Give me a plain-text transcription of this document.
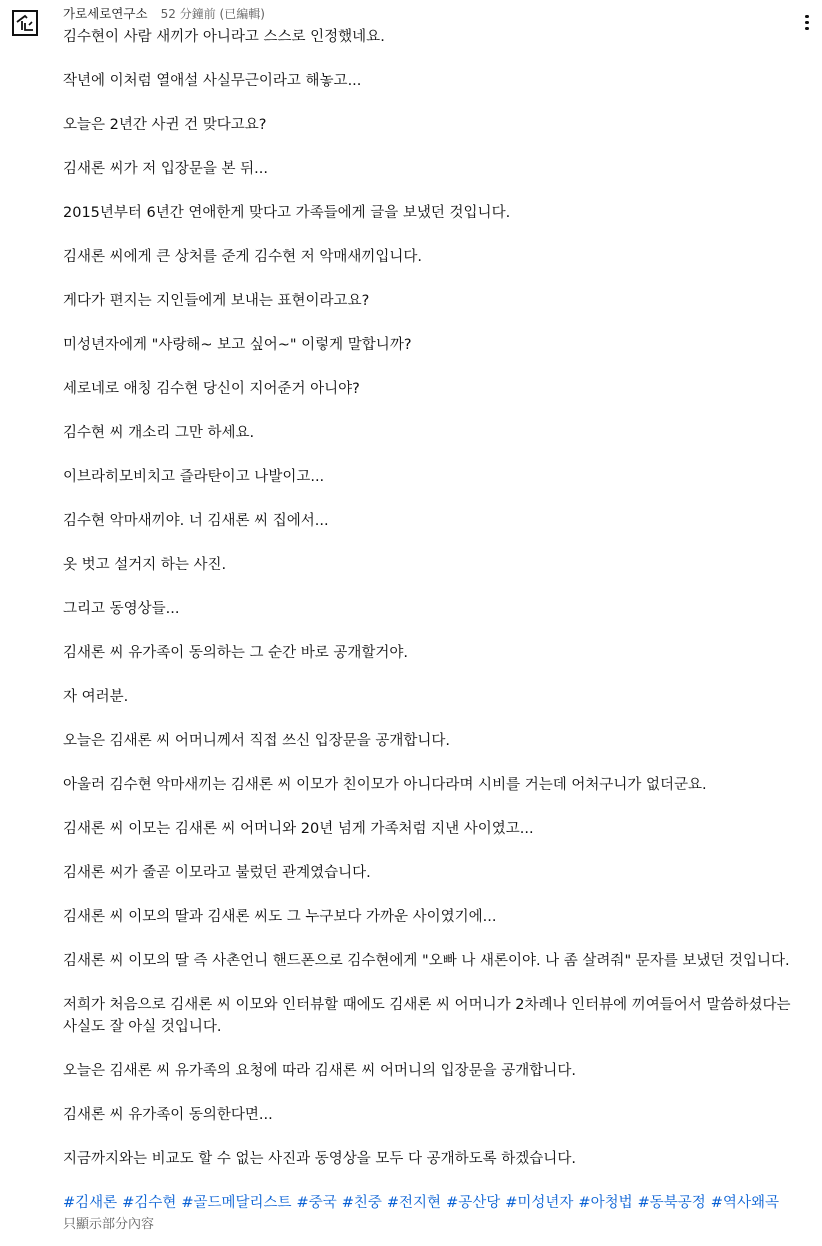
가로세로연구소 52 分鐘前 (已編輯)

김수현이 사람 새끼가 아니라고 스스로 인정했네요.

작년에 이처럼 열애설 사실무근이라고 해놓고...

오늘은 2년간 사귄 건 맞다고요?

김새론 씨가 저 입장문을 본 뒤...

2015년부터 6년간 연애한게 맞다고 가족들에게 글을 보냈던 것입니다.

김새론 씨에게 큰 상처를 준게 김수현 저 악매새끼입니다.

게다가 편지는 지인들에게 보내는 표현이라고요?

미성년자에게 "사랑해~ 보고 싶어~" 이렇게 말합니까?

세로네로 애칭 김수현 당신이 지어준거 아니야?

김수현 씨 개소리 그만 하세요.

이브라히모비치고 즐라탄이고 나발이고...

김수현 악마새끼야. 너 김새론 씨 집에서...

옷 벗고 설거지 하는 사진.

그리고 동영상들...

김새론 씨 유가족이 동의하는 그 순간 바로 공개할거야.

자 여러분.

오늘은 김새론 씨 어머니께서 직접 쓰신 입장문을 공개합니다.

아울러 김수현 악마새끼는 김새론 씨 이모가 친이모가 아니다라며 시비를 거는데 어처구니가 없더군요.

김새론 씨 이모는 김새론 씨 어머니와 20년 넘게 가족처럼 지낸 사이였고...

김새론 씨가 줄곧 이모라고 불렀던 관계였습니다.

김새론 씨 이모의 딸과 김새론 씨도 그 누구보다 가까운 사이였기에...

김새론 씨 이모의 딸 즉 사촌언니 핸드폰으로 김수현에게 "오빠 나 새론이야. 나 좀 살려줘" 문자를 보냈던 것입니다.

저희가 처음으로 김새론 씨 이모와 인터뷰할 때에도 김새론 씨 어머니가 2차례나 인터뷰에 끼여들어서 말씀하셨다는 사실도 잘 아실 것입니다.

오늘은 김새론 씨 유가족의 요청에 따라 김새론 씨 어머니의 입장문을 공개합니다.

김새론 씨 유가족이 동의한다면...

지금까지와는 비교도 할 수 없는 사진과 동영상을 모두 다 공개하도록 하겠습니다.

#김새론 #김수현 #골드메달리스트 #중국 #친중 #전지현 #공산당 #미성년자 #아청법 #동북공정 #역사왜곡
只顯示部分內容
